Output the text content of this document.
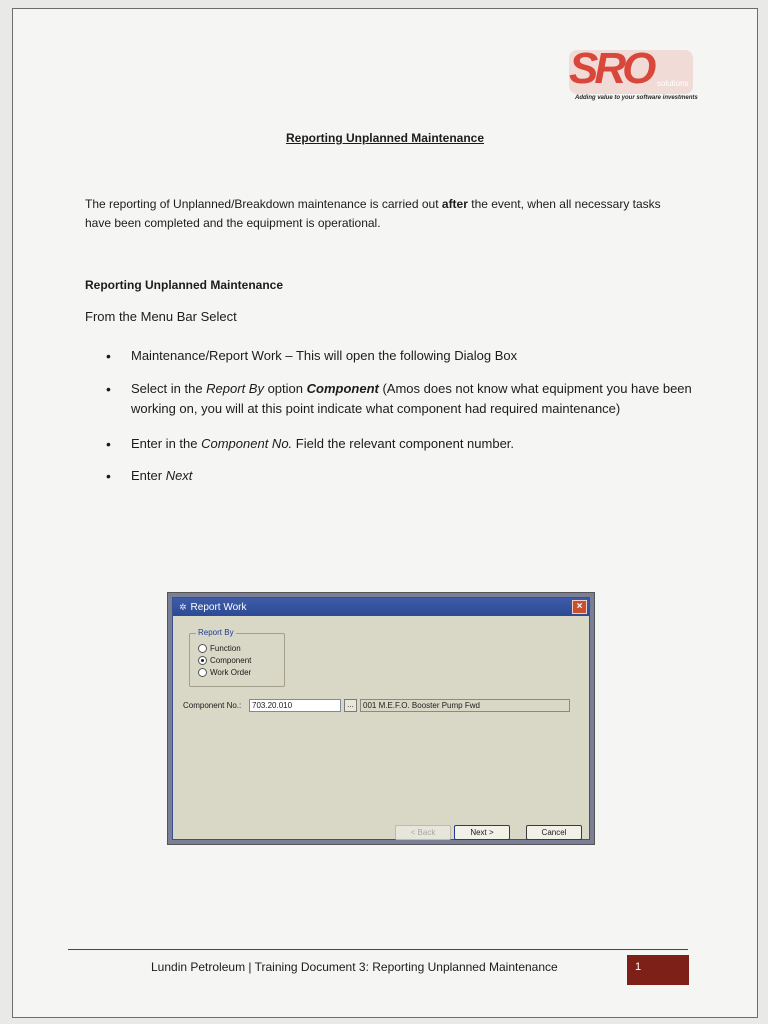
SRO solutions
Adding value to your software investments
Reporting Unplanned Maintenance

The reporting of Unplanned/Breakdown maintenance is carried out after the event, when all necessary tasks have been completed and the equipment is operational.

Reporting Unplanned Maintenance
From the Menu Bar Select
• Maintenance/Report Work – This will open the following Dialog Box
• Select in the Report By option Component (Amos does not know what equipment you have been working on, you will at this point indicate what component had required maintenance)
• Enter in the Component No. Field the relevant component number.
• Enter Next
✲ Report Work	×
Report By
Function
Component
Work Order
Component No.:	703.20.010	...	001 M.E.F.O. Booster Pump Fwd
< Back	Next >	Cancel
Lundin Petroleum | Training Document 3: Reporting Unplanned Maintenance	1
